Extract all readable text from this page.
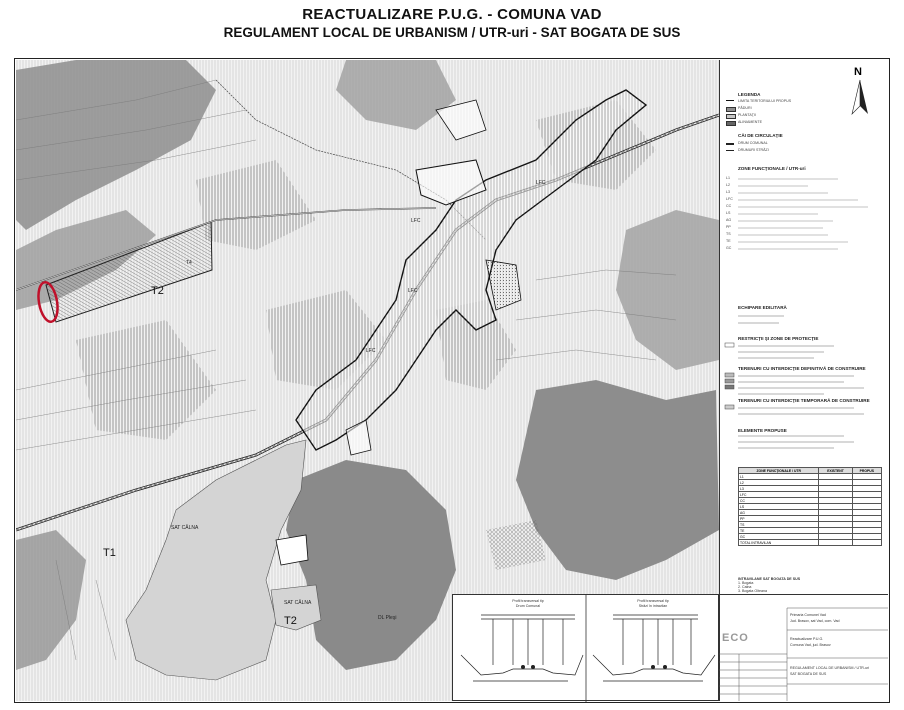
REACTUALIZARE P.U.G. - COMUNA VAD
REGULAMENT LOCAL DE URBANISM / UTR-uri - SAT BOGATA DE SUS
T1
T2
T2
SAT CĂLNA
SAT CĂLNA
LFC
LFC
LFC
LFC
T4
DL Pleşi
N
LEGENDA
LIMITA TERITORIULUI PROPUS
PĂDURI
PLANTAŢII
ALINIAMENTE
CĂI DE CIRCULAŢIE
DRUM COMUNAL
DRUMURI STRĂZI
ZONE FUNCŢIONALE / UTR-uri
L1
L2
L3
LFC
CC
LS
AG
PP
TS
TE
GC
ECHIPARE EDILITARĂ
RESTRICŢII ŞI ZONE DE PROTECŢIE
TERENURI CU INTERDICŢIE DEFINITIVĂ DE CONSTRUIRE
TERENURI CU INTERDICŢIE TEMPORARĂ DE CONSTRUIRE
ELEMENTE PROPUSE
ZONE FUNCŢIONALE / UTR	EXISTENT	PROPUS
L1		
L2		
L3		
LFC		
CC		
LS		
AG		
PP		
TS		
TE		
GC		
TOTAL INTRAVILAN		
INTRAVILANE SAT BOGATA DE SUS
1. Bogata
2. Calna
3. Bogata Olteana
Profil transversal tip
Drum Comunal
Profil transversal tip
Străzi în intravilan
ECO
Primaria Comunei Vad
Jud. Brasov, sat Vad, com. Vad
Reactualizare P.U.G.
Comuna Vad, jud. Brasov
REGULAMENT LOCAL DE URBANISM / UTR-uri
SAT BOGATA DE SUS
